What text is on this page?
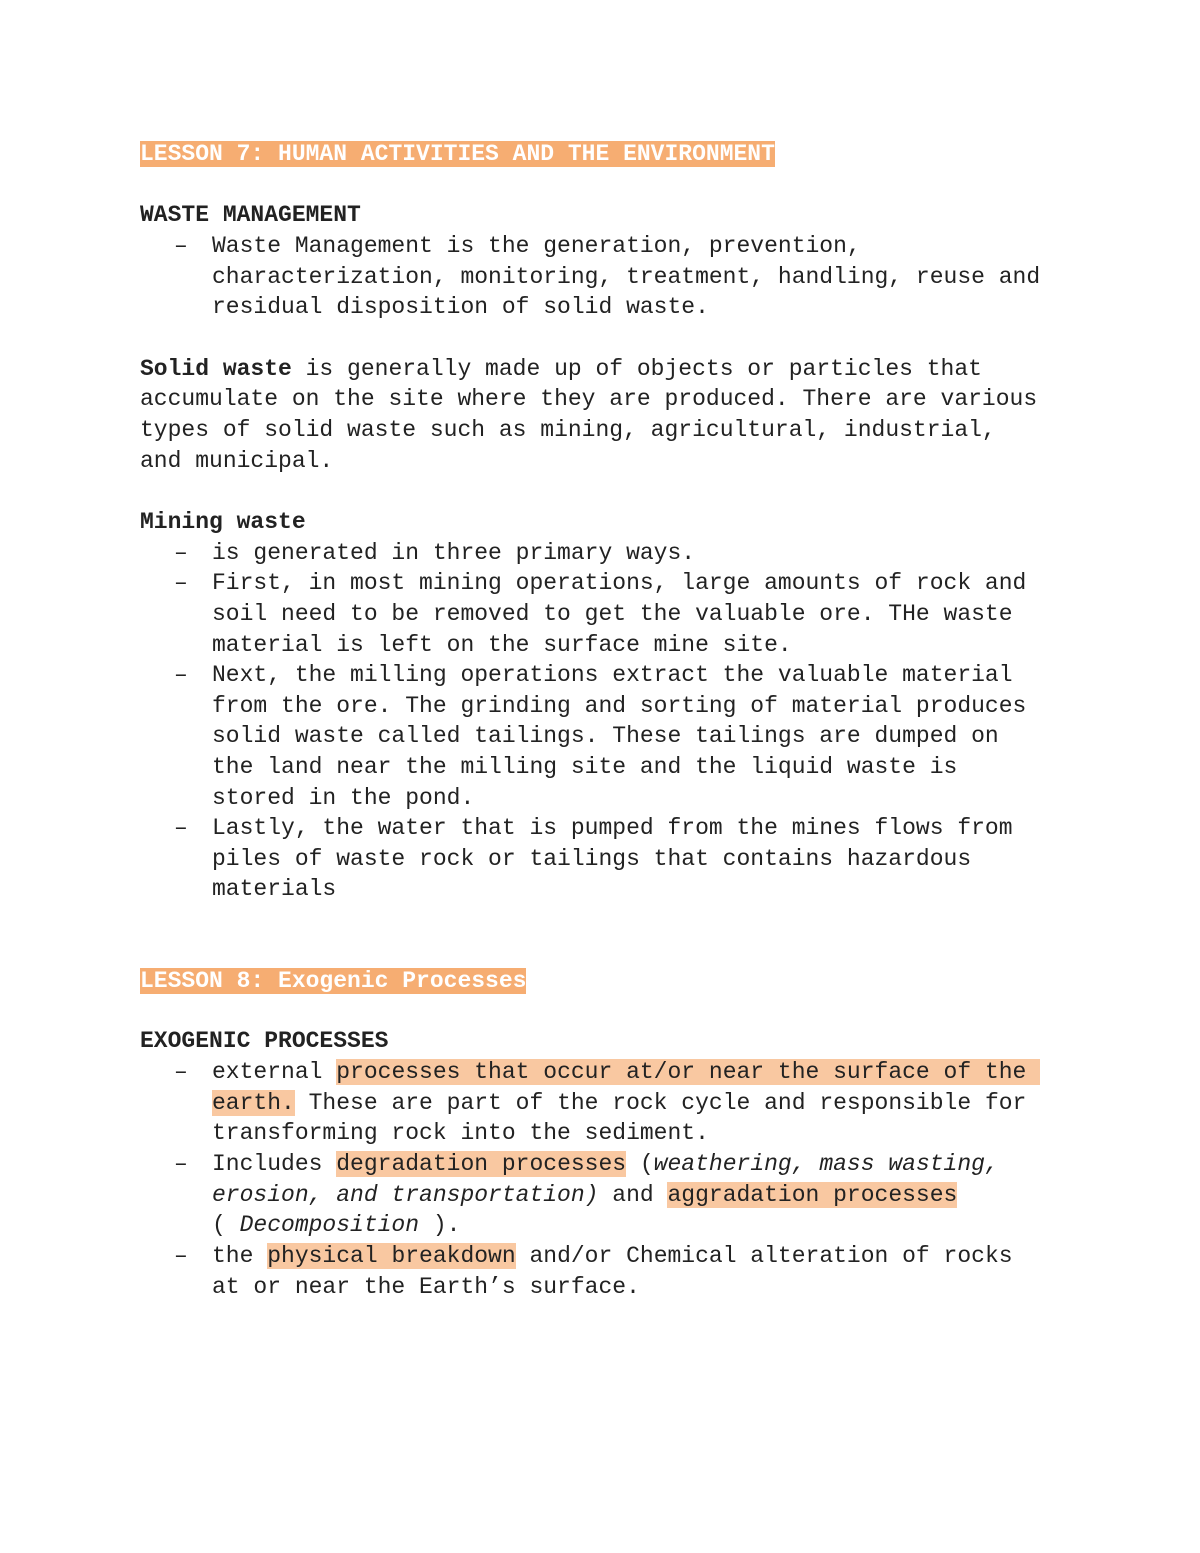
LESSON 7: HUMAN ACTIVITIES AND THE ENVIRONMENT
WASTE MANAGEMENT
– Waste Management is the generation, prevention,
characterization, monitoring, treatment, handling, reuse and
residual disposition of solid waste.
Solid waste is generally made up of objects or particles that
accumulate on the site where they are produced. There are various
types of solid waste such as mining, agricultural, industrial,
and municipal.
Mining waste
– is generated in three primary ways.
– First, in most mining operations, large amounts of rock and
soil need to be removed to get the valuable ore. THe waste
material is left on the surface mine site.
– Next, the milling operations extract the valuable material
from the ore. The grinding and sorting of material produces
solid waste called tailings. These tailings are dumped on
the land near the milling site and the liquid waste is
stored in the pond.
– Lastly, the water that is pumped from the mines flows from
piles of waste rock or tailings that contains hazardous
materials
LESSON 8: Exogenic Processes
EXOGENIC PROCESSES
– external processes that occur at/or near the surface of the
earth. These are part of the rock cycle and responsible for
transforming rock into the sediment.
– Includes degradation processes (weathering, mass wasting,
erosion, and transportation) and aggradation processes
( Decomposition ).
– the physical breakdown and/or Chemical alteration of rocks
at or near the Earth’s surface.
